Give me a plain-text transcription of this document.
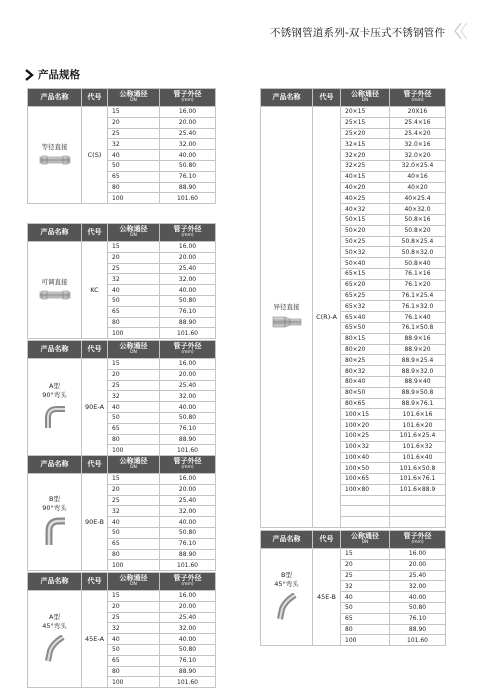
不锈钢管道系列-双卡压式不锈钢管件
产品规格
产品名称	代号	公称通径
DN	管子外径
(mm)

等径直接	C(S)	15	16.00
		20	20.00
		25	25.40
		32	32.00
		40	40.00
		50	50.80
		65	76.10
		80	88.90
		100	101.60
产品名称	代号	公称通径
DN	管子外径
(mm)

可调直接	KC	15	16.00
		20	20.00
		25	25.40
		32	32.00
		40	40.00
		50	50.80
		65	76.10
		80	88.90
		100	101.60
产品名称	代号	公称通径
DN	管子外径
(mm)

A型
90°弯头	90E-A	15	16.00
		20	20.00
		25	25.40
		32	32.00
		40	40.00
		50	50.80
		65	76.10
		80	88.90
		100	101.60
产品名称	代号	公称通径
DN	管子外径
(mm)

B型
90°弯头	90E-B	15	16.00
		20	20.00
		25	25.40
		32	32.00
		40	40.00
		50	50.80
		65	76.10
		80	88.90
		100	101.60
产品名称	代号	公称通径
DN	管子外径
(mm)

A型
45°弯头	45E-A	15	16.00
		20	20.00
		25	25.40
		32	32.00
		40	40.00
		50	50.80
		65	76.10
		80	88.90
		100	101.60
产品名称	代号	公称通径
DN	管子外径
(mm)

异径直接	C(R)-A	20×15	20X16
		25×15	25.4×16
		25×20	25.4×20
		32×15	32.0×16
		32×20	32.0×20
		32×25	32.0×25.4
		40×15	40×16
		40×20	40×20
		40×25	40×25.4
		40×32	40×32.0
		50×15	50.8×16
		50×20	50.8×20
		50×25	50.8×25.4
		50×32	50.8×32.0
		50×40	50.8×40
		65×15	76.1×16
		65×20	76.1×20
		65×25	76.1×25.4
		65×32	76.1×32.0
		65×40	76.1×40
		65×50	76.1×50.8
		80×15	88.9×16
		80×20	88.9×20
		80×25	88.9×25.4
		80×32	88.9×32.0
		80×40	88.9×40
		80×50	88.9×50.8
		80×65	88.9×76.1
		100×15	101.6×16
		100×20	101.6×20
		100×25	101.6×25.4
		100×32	101.6×32
		100×40	101.6×40
		100×50	101.6×50.8
		100×65	101.6×76.1
		100×80	101.6×88.9

产品名称	代号	公称通径
DN	管子外径
(mm)

B型
45°弯头	45E-B	15	16.00
		20	20.00
		25	25.40
		32	32.00
		40	40.00
		50	50.80
		65	76.10
		80	88.90
		100	101.60
